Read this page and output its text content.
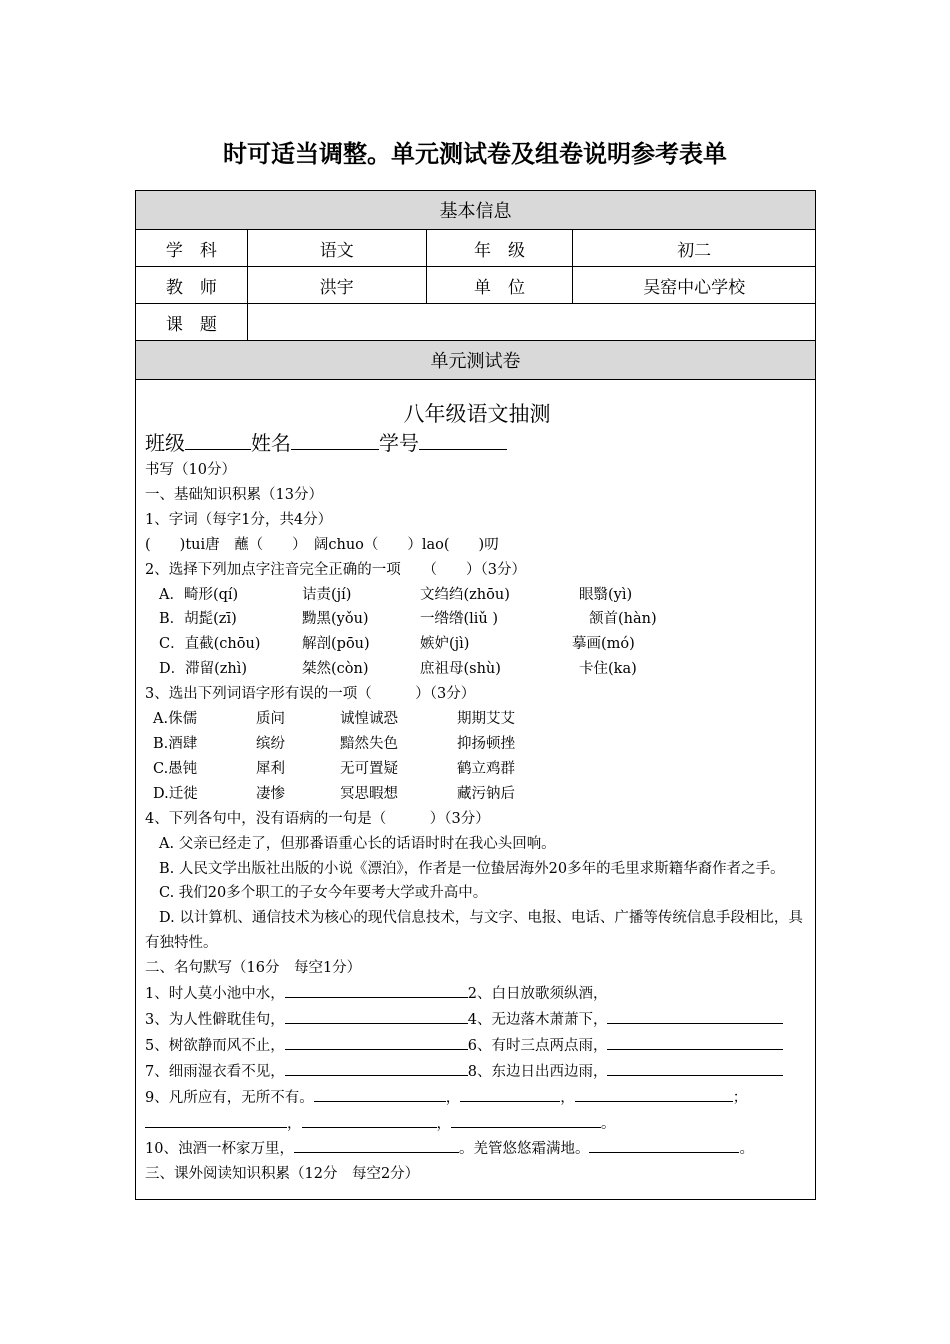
时可适当调整。单元测试卷及组卷说明参考表单
基本信息			
学　科	语文	年　级	初二
教　师	洪宇	单　位	吴窑中心学校
课　题			
单元测试卷			
八年级语文抽测
班级	姓名	学号
书写（10分）
一、基础知识积累（13分）
1、字词（每字1分，共4分）
(　　)tui唐　蘸（　　）　阔chuo（　　）lao(　　)叨
2、选择下列加点字注音完全正确的一项　　（　　）（3分）
A．畸形(qí)	诘责(jí)	文绉绉(zhōu)	眼翳(yì)
B．胡髭(zī)	黝黑(yǒu)	一绺绺(liǔ )	颔首(hàn)
C．直截(chōu)	解剖(pōu)	嫉妒(jì)	摹画(mó)
D．滞留(zhì)	桀然(còn)	庶祖母(shù)	卡住(ka)
3、选出下列词语字形有误的一项（　　　）（3分）
A.侏儒	质问	诚惶诚恐	期期艾艾
B.酒肆	缤纷	黯然失色	抑扬顿挫
C.愚钝	犀利	无可置疑	鹤立鸡群
D.迁徙	凄惨	冥思暇想	藏污钠后
4、下列各句中，没有语病的一句是（　　　）（3分）
A. 父亲已经走了，但那番语重心长的话语时时在我心头回响。
B. 人民文学出版社出版的小说《漂泊》，作者是一位蛰居海外20多年的毛里求斯籍华裔作者之手。
C. 我们20多个职工的子女今年要考大学或升高中。
D. 以计算机、通信技术为核心的现代信息技术，与文字、电报、电话、广播等传统信息手段相比，具有独特性。
二、名句默写（16分　每空1分）
1、时人莫小池中水，	2、白日放歌须纵酒，
3、为人性僻耽佳句，	4、无边落木萧萧下，
5、树欲静而风不止，	6、有时三点两点雨，
7、细雨湿衣看不见，	8、东边日出西边雨，
9、凡所应有，无所不有。	，	，	；
，	，	。
10、浊酒一杯家万里，	。羌管悠悠霜满地。	。
三、课外阅读知识积累（12分　每空2分）
